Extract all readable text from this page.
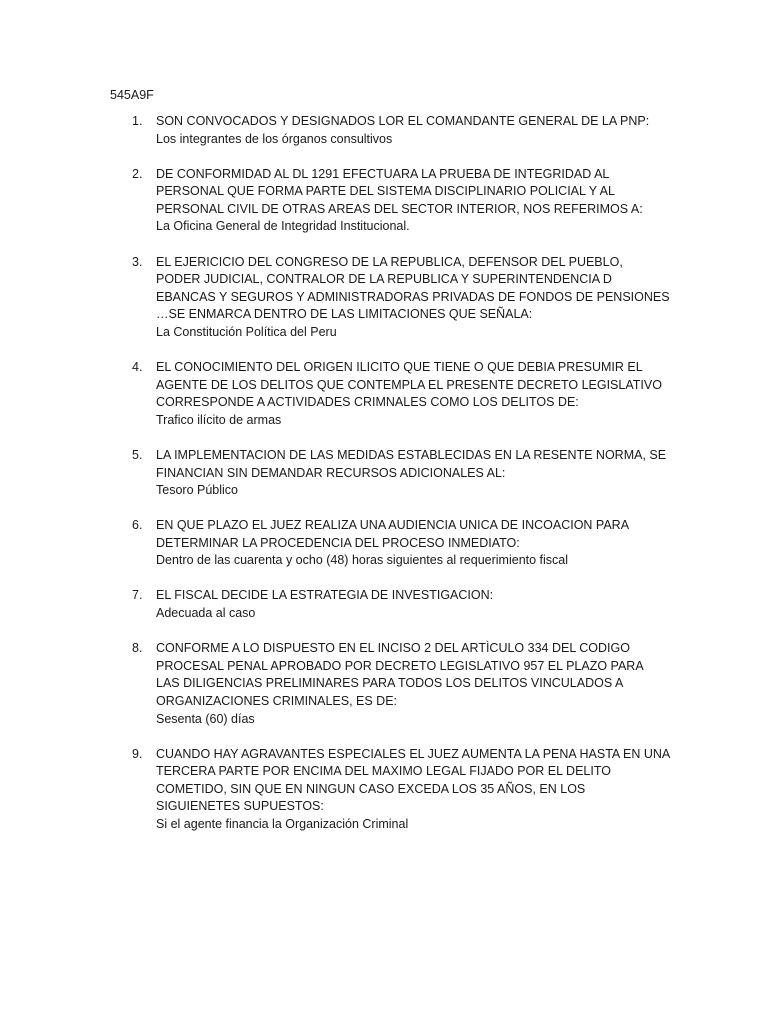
545A9F

1. SON CONVOCADOS Y DESIGNADOS LOR EL COMANDANTE GENERAL DE LA PNP:
Los integrantes de los órganos consultivos
2. DE CONFORMIDAD AL DL 1291 EFECTUARA LA PRUEBA DE INTEGRIDAD AL PERSONAL QUE FORMA PARTE DEL SISTEMA DISCIPLINARIO POLICIAL Y AL PERSONAL CIVIL DE OTRAS AREAS DEL SECTOR INTERIOR, NOS REFERIMOS A:
La Oficina General de Integridad Institucional.
3. EL EJERICICIO DEL CONGRESO DE LA REPUBLICA, DEFENSOR DEL PUEBLO, PODER JUDICIAL, CONTRALOR DE LA REPUBLICA Y SUPERINTENDENCIA D EBANCAS Y SEGUROS Y ADMINISTRADORAS PRIVADAS DE FONDOS DE PENSIONES …SE ENMARCA DENTRO DE LAS LIMITACIONES QUE SEÑALA:
La Constitución Política del Peru
4. EL CONOCIMIENTO DEL ORIGEN ILICITO QUE TIENE O QUE DEBIA PRESUMIR EL AGENTE DE LOS DELITOS QUE CONTEMPLA EL PRESENTE DECRETO LEGISLATIVO CORRESPONDE A ACTIVIDADES CRIMNALES COMO LOS DELITOS DE:
Trafico ilícito de armas
5. LA IMPLEMENTACION DE LAS MEDIDAS ESTABLECIDAS EN LA RESENTE NORMA, SE FINANCIAN SIN DEMANDAR RECURSOS ADICIONALES AL:
Tesoro Público
6. EN QUE PLAZO EL JUEZ REALIZA UNA AUDIENCIA UNICA DE INCOACION PARA DETERMINAR LA PROCEDENCIA DEL PROCESO INMEDIATO:
Dentro de las cuarenta y ocho (48) horas siguientes al requerimiento fiscal
7. EL FISCAL DECIDE LA ESTRATEGIA DE INVESTIGACION:
Adecuada al caso
8. CONFORME A LO DISPUESTO EN EL INCISO 2 DEL ARTÌCULO 334 DEL CODIGO PROCESAL PENAL APROBADO POR DECRETO LEGISLATIVO 957 EL PLAZO PARA LAS DILIGENCIAS PRELIMINARES PARA TODOS LOS DELITOS VINCULADOS A ORGANIZACIONES CRIMINALES, ES DE:
Sesenta (60) días
9. CUANDO HAY AGRAVANTES ESPECIALES EL JUEZ AUMENTA LA PENA HASTA EN UNA TERCERA PARTE POR ENCIMA DEL MAXIMO LEGAL FIJADO POR EL DELITO COMETIDO, SIN QUE EN NINGUN CASO EXCEDA LOS 35 AÑOS, EN LOS SIGUIENETES SUPUESTOS:
Si el agente financia la Organización Criminal
